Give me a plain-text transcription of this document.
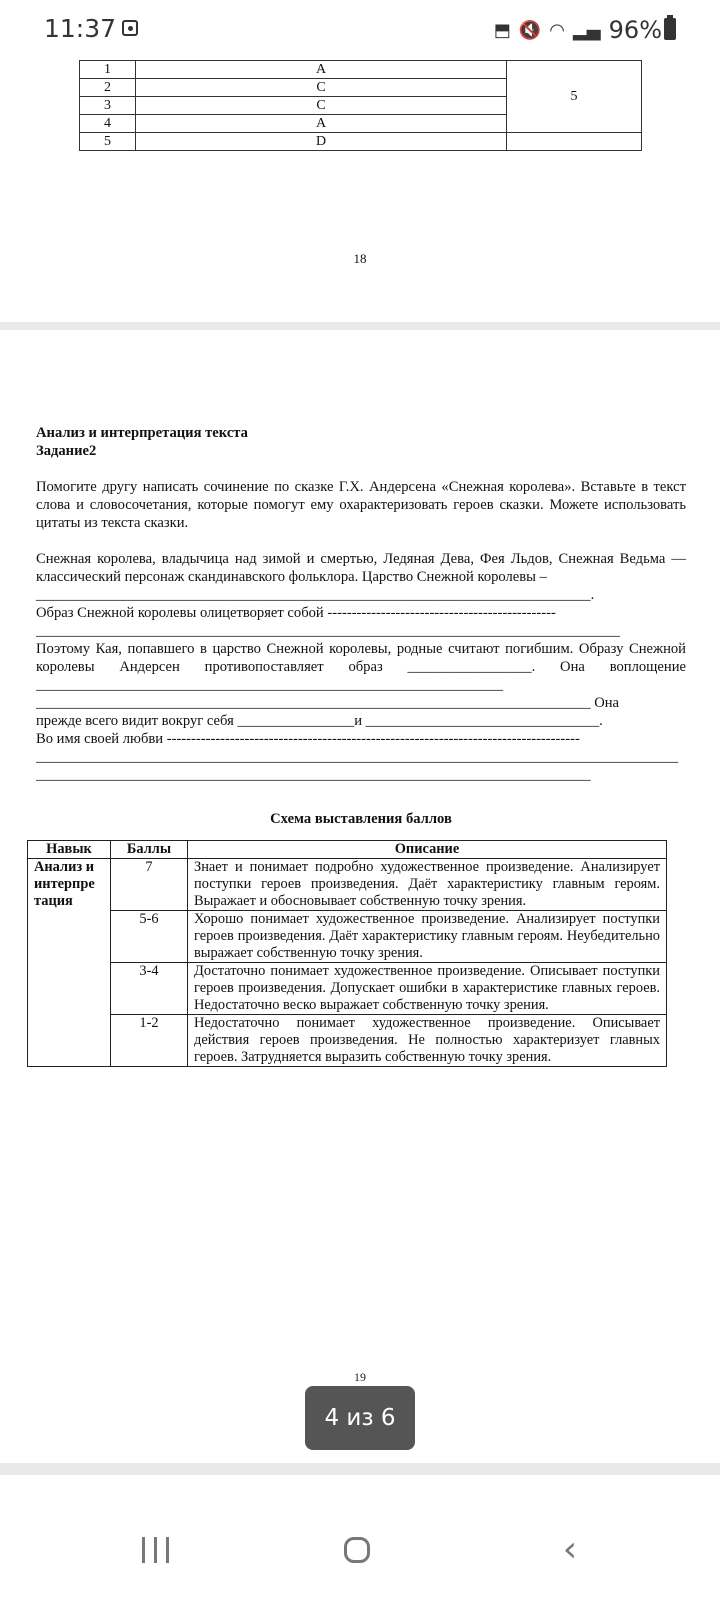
11:37	⬒ 🔇 ◠ ▂▄ 96%
1	A	5
2	C	
3	C	
4	A	
5	D	
18

Анализ и интерпретация текста

Задание2

Помогите другу написать сочинение по сказке Г.Х. Андерсена «Снежная королева». Вставьте в текст слова и словосочетания, которые помогут ему охарактеризовать героев сказки. Можете использовать цитаты из текста сказки.

Снежная королева, владычица над зимой и смертью, Ледяная Дева, Фея Льдов, Снежная Ведьма — классический персонаж скандинавского фольклора. Царство Снежной королевы –

____________________________________________________________________________.

Образ Снежной королевы олицетворяет собой -----------------------------------------------

________________________________________________________________________________

Поэтому Кая, попавшего в царство Снежной королевы, родные считают погибшим. Образу Снежной королевы Андерсен противопоставляет образ _________________. Она воплощение ________________________________________________________________

____________________________________________________________________________ Она

прежде всего видит вокруг себя ________________и ________________________________.

Во имя своей любви -------------------------------------------------------------------------------------

________________________________________________________________________________________

____________________________________________________________________________

Схема выставления баллов

Навык	Баллы	Описание
Анализ и интерпре тация	7	Знает и понимает подробно художественное произведение. Анализирует поступки героев произведения. Даёт характеристику главным героям. Выражает и обосновывает собственную точку зрения.
	5-6	Хорошо понимает художественное произведение. Анализирует поступки героев произведения. Даёт характеристику главным героям. Неубедительно выражает собственную точку зрения.
	3-4	Достаточно понимает художественное произведение. Описывает поступки героев произведения. Допускает ошибки в характеристике главных героев. Недостаточно веско выражает собственную точку зрения.
	1-2	Недостаточно понимает художественное произведение. Описывает действия героев произведения. Не полностью характеризует главных героев. Затрудняется выразить собственную точку зрения.
19
4 из 6
‹
